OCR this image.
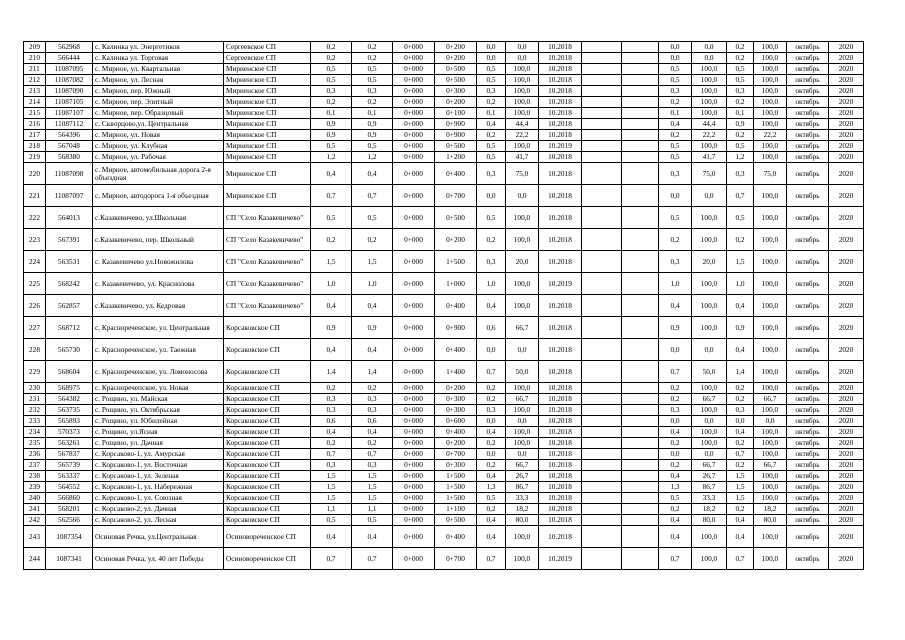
209	562968	с. Калинка ул. Энергетиков	Сергеевское СП	0,2	0,2	0+000	0+200	0,0	0,0	10.2018			0,0	0,0	0,2	100,0	октябрь	2020
210	566444	с. Калинка ул. Торговая	Сергеевское СП	0,2	0,2	0+000	0+200	0,0	0,0	10.2018			0,0	0,0	0,2	100,0	октябрь	2020
211	11087095	с. Мирное, ул. Квартальная	Мирненское СП	0,5	0,5	0+000	0+500	0,5	100,0	10.2018			0,5	100,0	0,5	100,0	октябрь	2020
212	11087082	с. Мирное, ул. Лесная	Мирненское СП	0,5	0,5	0+000	0+500	0,5	100,0	10.2018			0,5	100,0	0,5	100,0	октябрь	2020
213	11087090	с. Мирное, пер. Южный	Мирненское СП	0,3	0,3	0+000	0+300	0,3	100,0	10.2018			0,3	100,0	0,3	100,0	октябрь	2020
214	11087105	с. Мирное, пер. Элитный	Мирненское СП	0,2	0,2	0+000	0+200	0,2	100,0	10.2018			0,2	100,0	0,2	100,0	октябрь	2020
215	11087107	с. Мирное, пер. Образцовый	Мирненское СП	0,1	0,1	0+000	0+100	0,1	100,0	10.2018			0,1	100,0	0,1	100,0	октябрь	2020
216	11087112	с. Скворцово,ул. Центральная	Мирненское СП	0,9	0,9	0+000	0+900	0,4	44,4	10.2018			0,4	44,4	0,9	100,0	октябрь	2020
217	564396	с. Мирное, ул. Новая	Мирненское СП	0,9	0,9	0+000	0+900	0,2	22,2	10.2018			0,2	22,2	0,2	22,2	октябрь	2020
218	567048	с. Мирное, ул. Клубная	Мирненское СП	0,5	0,5	0+000	0+500	0,5	100,0	10.2019			0,5	100,0	0,5	100,0	октябрь	2020
219	568380	с. Мирное, ул. Рабочая	Мирненское СП	1,2	1,2	0+000	1+200	0,5	41,7	10.2018			0,5	41,7	1,2	100,0	октябрь	2020
220	11087098	с. Мирное, автомобильная дорога 2-я объездная	Мирненское СП	0,4	0,4	0+000	0+400	0,3	75,0	10.2018			0,3	75,0	0,3	75,0	октябрь	2020
221	11087097	с. Мирное, автодорога 1-я объездная	Мирненское СП	0,7	0,7	0+000	0+700	0,0	0,0	10.2018			0,0	0,0	0,7	100,0	октябрь	2020
222	564013	с.Казакевичево, ул.Школьная	СП "Село Казакевичево"	0,5	0,5	0+000	0+500	0,5	100,0	10.2018			0,5	100,0	0,5	100,0	октябрь	2020
223	567391	с.Казакевичево, пер. Школьный	СП "Село Казакевичево"	0,2	0,2	0+000	0+200	0,2	100,0	10.2018			0,2	100,0	0,2	100,0	октябрь	2020
224	563531	с. Казакевичево ул.Новожилова	СП "Село Казакевичево"	1,5	1,5	0+000	1+500	0,3	20,0	10.2018			0,3	20,0	1,5	100,0	октябрь	2020
225	568242	с. Казакевичево, ул. Краснолова	СП "Село Казакевичево"	1,0	1,0	0+000	1+000	1,0	100,0	10.2019			1,0	100,0	1,0	100,0	октябрь	2020
226	562857	с.Казакевичево, ул. Кедровая	СП "Село Казакевичево"	0,4	0,4	0+000	0+400	0,4	100,0	10.2018			0,4	100,0	0,4	100,0	октябрь	2020
227	568712	с. Краснореченское, ул. Центральная	Корсаковское СП	0,9	0,9	0+000	0+900	0,6	66,7	10.2018			0,9	100,0	0,9	100,0	октябрь	2020
228	565730	с. Краснореченское, ул. Таежная	Корсаковское СП	0,4	0,4	0+000	0+400	0,0	0,0	10.2018			0,0	0,0	0,4	100,0	октябрь	2020
229	568604	с. Краснореченское, ул. Ломоносова	Корсаковское СП	1,4	1,4	0+000	1+400	0,7	50,0	10.2018			0,7	50,0	1,4	100,0	октябрь	2020
230	568975	с. Красноречепское, ул. Новая	Корсаковское СП	0,2	0,2	0+000	0+200	0,2	100,0	10.2018			0,2	100,0	0,2	100,0	октябрь	2020
231	564382	с. Рощино, ул. Майская	Корсаковское СП	0,3	0,3	0+000	0+300	0,2	66,7	10.2018			0,2	66,7	0,2	66,7	октябрь	2020
232	563735	с. Рощино, ул. Октябрьская	Корсаковское СП	0,3	0,3	0+000	0+300	0,3	100,0	10.2018			0,3	100,0	0,3	100,0	октябрь	2020
233	565893	с. Рощино, ул. Юбилейная	Корсаковское СП	0,6	0,6	0+000	0+600	0,0	0,0	10.2018			0,0	0,0	0,0	0,0	октябрь	2020
234	570373	с. Рощино, ул.Ясная	Корсаковское СП	0,4	0,4	0+000	0+400	0,4	100,0	10.2018			0,4	100,0	0,4	100,0	октябрь	2020
235	563261	с. Рощино, ул. Дачная	Корсаковское СП	0,2	0,2	0+000	0+200	0,2	100,0	10.2018			0,2	100,0	0,2	100,0	октябрь	2020
236	567837	с. Корсаково-1, ул. Амурская	Корсаковское СП	0,7	0,7	0+000	0+700	0,0	0,0	10.2018			0,0	0,0	0,7	100,0	октябрь	2020
237	565739	с. Корсаково-1, ул. Восточная	Корсаковское СП	0,3	0,3	0+000	0+300	0,2	66,7	10.2018			0,2	66,7	0,2	66,7	октябрь	2020
238	563337	с. Корсаково-1, ул. Зеленая	Корсаковское СП	1,5	1,5	0+000	1+500	0,4	26,7	10.2018			0,4	26,7	1,5	100,0	октябрь	2020
239	564552	с. Корсаково-1, ул. Набережная	Корсаковское СП	1,5	1,5	0+000	1+500	1,3	86,7	10.2018			1,3	86,7	1,5	100,0	октябрь	2020
240	566860	с. Корсаково-1, ул. Союзная	Корсаковское СП	1,5	1,5	0+000	1+500	0,5	33,3	10.2018			0,5	33,3	1,5	100,0	октябрь	2020
241	568201	с. Корсаково-2, ул. Дачная	Корсаковское СП	1,1	1,1	0+000	1+100	0,2	18,2	10.2018			0,2	18,2	0,2	18,2	октябрь	2020
242	562566	с. Корсаково-2, ул. Лесная	Корсаковское СП	0,5	0,5	0+000	0+500	0,4	80,0	10.2018			0,4	80,0	0,4	80,0	октябрь	2020
243	1087354	Осиновая Речка, ул.Центральная	Осиновореченское СП	0,4	0,4	0+000	0+400	0,4	100,0	10.2018			0,4	100,0	0,4	100,0	октябрь	2020
244	1087341	Осиновая Речка, ул. 40 лет Победы	Осиновореченское СП	0,7	0,7	0+000	0+700	0,7	100,0	10.2019			0,7	100,0	0,7	100,0	октябрь	2020
